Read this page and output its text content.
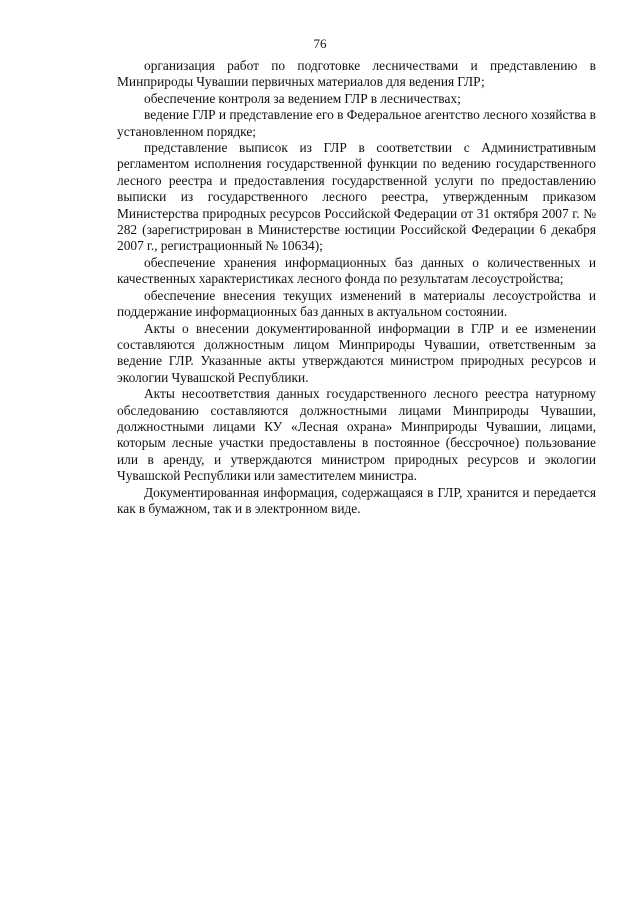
76

организация работ по подготовке лесничествами и представлению в Минприроды Чувашии первичных материалов для ведения ГЛР;

обеспечение контроля за ведением ГЛР в лесничествах;

ведение ГЛР и представление его в Федеральное агентство лесного хозяйства в установленном порядке;

представление выписок из ГЛР в соответствии с Административным регламентом исполнения государственной функции по ведению государственного лесного реестра и предоставления государственной услуги по предоставлению выписки из государственного лесного реестра, утвержденным приказом Министерства природных ресурсов Российской Федерации от 31 октября 2007 г. № 282 (зарегистрирован в Министерстве юстиции Российской Федерации 6 декабря 2007 г., регистрационный № 10634);

обеспечение хранения информационных баз данных о количественных и качественных характеристиках лесного фонда по результатам лесоустройства;

обеспечение внесения текущих изменений в материалы лесоустройства и поддержание информационных баз данных в актуальном состоянии.

Акты о внесении документированной информации в ГЛР и ее изменении составляются должностным лицом Минприроды Чувашии, ответственным за ведение ГЛР. Указанные акты утверждаются министром природных ресурсов и экологии Чувашской Республики.

Акты несоответствия данных государственного лесного реестра натурному обследованию составляются должностными лицами Минприроды Чувашии, должностными лицами КУ «Лесная охрана» Минприроды Чувашии, лицами, которым лесные участки предоставлены в постоянное (бессрочное) пользование или в аренду, и утверждаются министром природных ресурсов и экологии Чувашской Республики или заместителем министра.

Документированная информация, содержащаяся в ГЛР, хранится и передается как в бумажном, так и в электронном виде.
